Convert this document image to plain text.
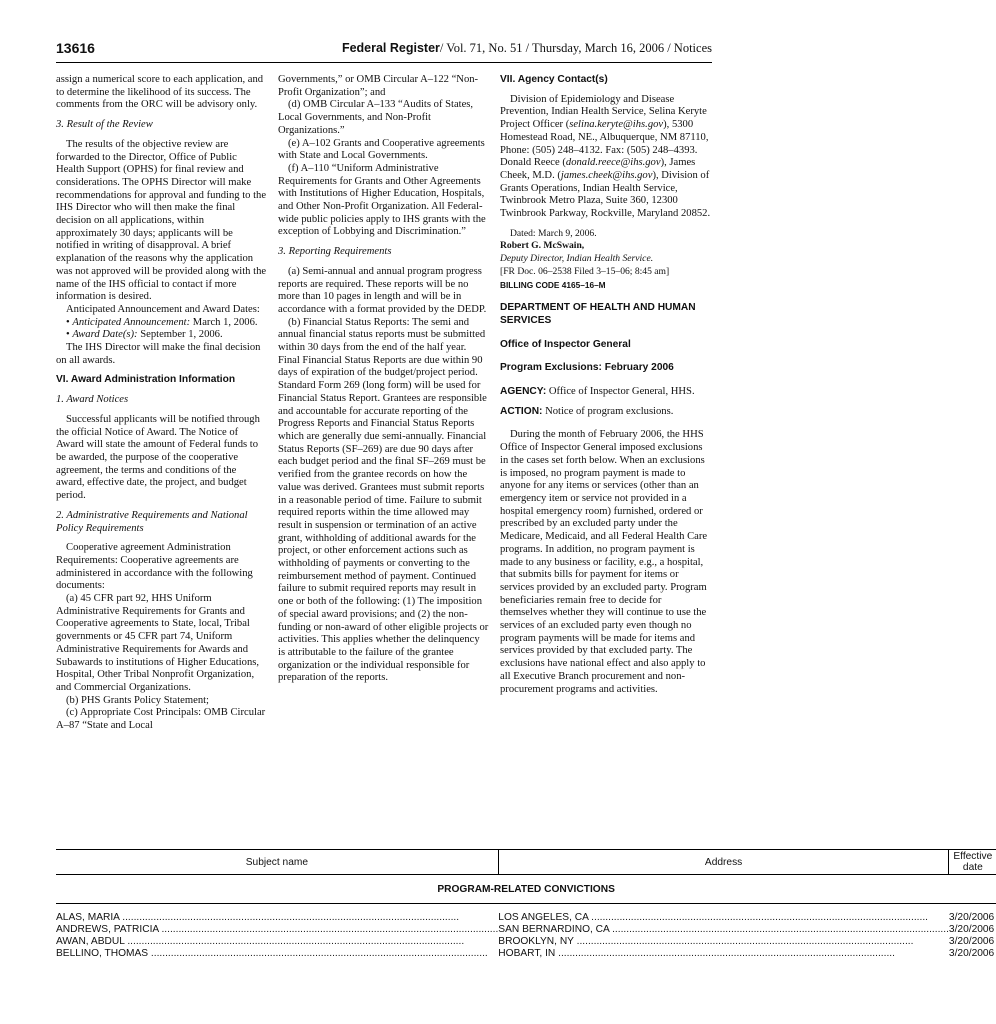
13616	Federal Register/ Vol. 71, No. 51 / Thursday, March 16, 2006 / Notices

assign a numerical score to each application, and to determine the likelihood of its success. The comments from the ORC will be advisory only.

3. Result of the Review

The results of the objective review are forwarded to the Director, Office of Public Health Support (OPHS) for final review and considerations. The OPHS Director will make recommendations for approval and funding to the IHS Director who will then make the final decision on all applications, within approximately 30 days; applicants will be notified in writing of disapproval. A brief explanation of the reasons why the application was not approved will be provided along with the name of the IHS official to contact if more information is desired.

Anticipated Announcement and Award Dates:

• Anticipated Announcement: March 1, 2006.

• Award Date(s): September 1, 2006.

The IHS Director will make the final decision on all awards.

VI. Award Administration Information

1. Award Notices

Successful applicants will be notified through the official Notice of Award. The Notice of Award will state the amount of Federal funds to be awarded, the purpose of the cooperative agreement, the terms and conditions of the award, effective date, the project, and budget period.

2. Administrative Requirements and National Policy Requirements

Cooperative agreement Administration Requirements: Cooperative agreements are administered in accordance with the following documents:

(a) 45 CFR part 92, HHS Uniform Administrative Requirements for Grants and Cooperative agreements to State, local, Tribal governments or 45 CFR part 74, Uniform Administrative Requirements for Awards and Subawards to institutions of Higher Educations, Hospital, Other Tribal Nonprofit Organization, and Commercial Organizations.

(b) PHS Grants Policy Statement;

(c) Appropriate Cost Principals: OMB Circular A–87 “State and Local

Governments,” or OMB Circular A–122 “Non-Profit Organization”; and

(d) OMB Circular A–133 “Audits of States, Local Governments, and Non-Profit Organizations.”

(e) A–102 Grants and Cooperative agreements with State and Local Governments.

(f) A–110 “Uniform Administrative Requirements for Grants and Other Agreements with Institutions of Higher Education, Hospitals, and Other Non-Profit Organization. All Federal-wide public policies apply to IHS grants with the exception of Lobbying and Discrimination.”

3. Reporting Requirements

(a) Semi-annual and annual program progress reports are required. These reports will be no more than 10 pages in length and will be in accordance with a format provided by the DEDP.

(b) Financial Status Reports: The semi and annual financial status reports must be submitted within 30 days from the end of the half year. Final Financial Status Reports are due within 90 days of expiration of the budget/project period. Standard Form 269 (long form) will be used for Financial Status Report. Grantees are responsible and accountable for accurate reporting of the Progress Reports and Financial Status Reports which are generally due semi-annually. Financial Status Reports (SF–269) are due 90 days after each budget period and the final SF–269 must be verified from the grantee records on how the value was derived. Grantees must submit reports in a reasonable period of time. Failure to submit required reports within the time allowed may result in suspension or termination of an active grant, withholding of additional awards for the project, or other enforcement actions such as withholding of payments or converting to the reimbursement method of payment. Continued failure to submit required reports may result in one or both of the following: (1) The imposition of special award provisions; and (2) the non-funding or non-award of other eligible projects or activities. This applies whether the delinquency is attributable to the failure of the grantee organization or the individual responsible for preparation of the reports.

VII. Agency Contact(s)

Division of Epidemiology and Disease Prevention, Indian Health Service, Selina Keryte Project Officer (selina.keryte@ihs.gov), 5300 Homestead Road, NE., Albuquerque, NM 87110, Phone: (505) 248–4132. Fax: (505) 248–4393. Donald Reece (donald.reece@ihs.gov), James Cheek, M.D. (james.cheek@ihs.gov), Division of Grants Operations, Indian Health Service, Twinbrook Metro Plaza, Suite 360, 12300 Twinbrook Parkway, Rockville, Maryland 20852.

Dated: March 9, 2006.

Robert G. McSwain,

Deputy Director, Indian Health Service.

[FR Doc. 06–2538 Filed 3–15–06; 8:45 am]

BILLING CODE 4165–16–M

DEPARTMENT OF HEALTH AND HUMAN SERVICES

Office of Inspector General

Program Exclusions: February 2006

AGENCY: Office of Inspector General, HHS.

ACTION: Notice of program exclusions.

During the month of February 2006, the HHS Office of Inspector General imposed exclusions in the cases set forth below. When an exclusions is imposed, no program payment is made to anyone for any items or services (other than an emergency item or service not provided in a hospital emergency room) furnished, ordered or prescribed by an excluded party under the Medicare, Medicaid, and all Federal Health Care programs. In addition, no program payment is made to any business or facility, e.g., a hospital, that submits bills for payment for items or services provided by an excluded party. Program beneficiaries remain free to decide for themselves whether they will continue to use the services of an excluded party even though no program payments will be made for items and services provided by that excluded party. The exclusions have national effect and also apply to all Executive Branch procurement and non-procurement programs and activities.

Subject name	Address	Effective date
PROGRAM-RELATED CONVICTIONS		

ALAS, MARIA .....	LOS ANGELES, CA .....	3/20/2006
ANDREWS, PATRICIA .....	SAN BERNARDINO, CA .....	3/20/2006
AWAN, ABDUL .....	BROOKLYN, NY .....	3/20/2006
BELLINO, THOMAS .....	HOBART, IN .....	3/20/2006
